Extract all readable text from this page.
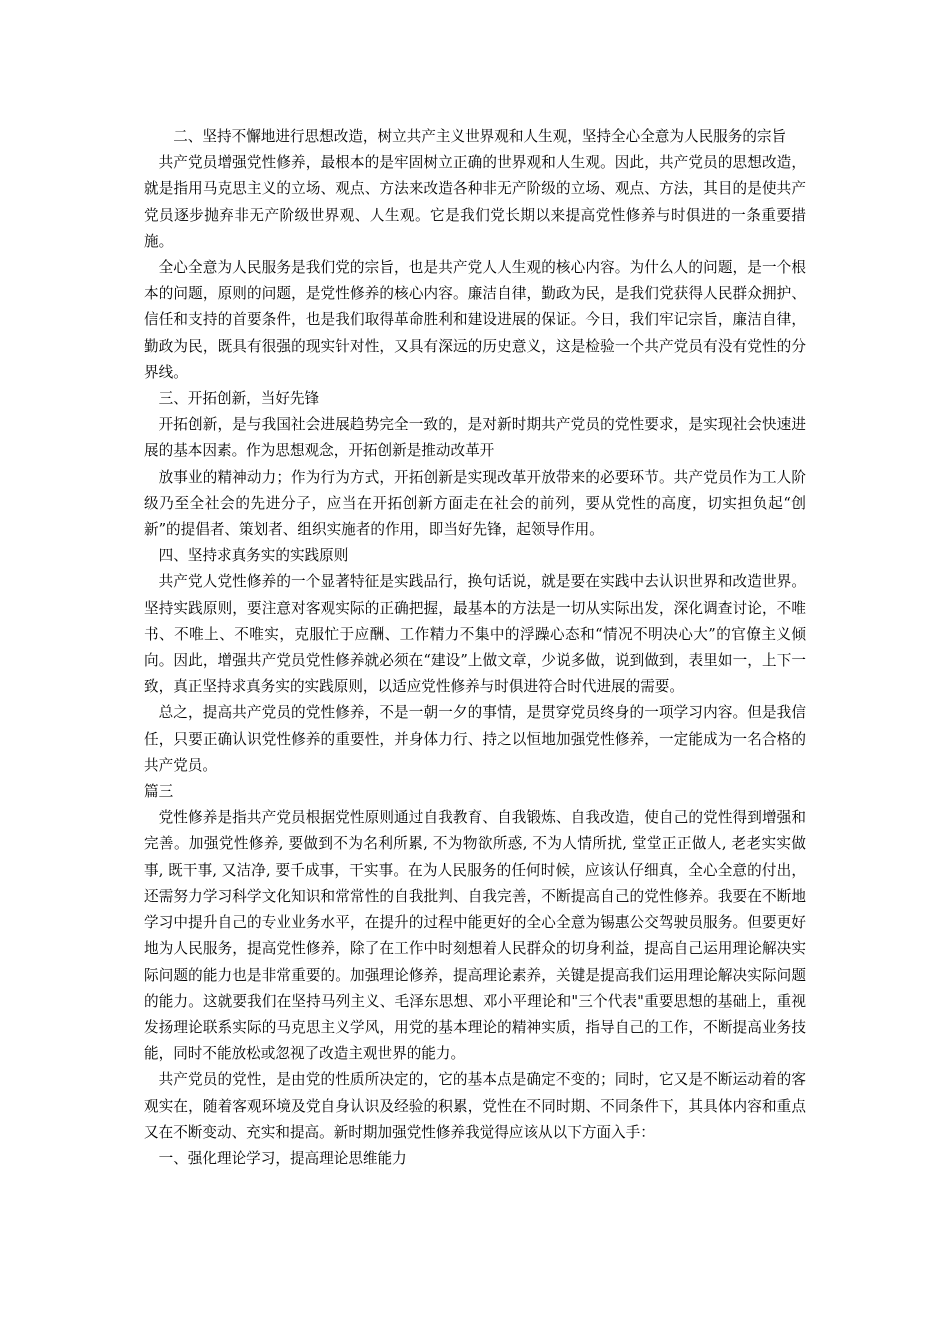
二、坚持不懈地进行思想改造，树立共产主义世界观和人生观，坚持全心全意为人民服务的宗旨

共产党员增强党性修养，最根本的是牢固树立正确的世界观和人生观。因此，共产党员的思想改造，就是指用马克思主义的立场、观点、方法来改造各种非无产阶级的立场、观点、方法，其目的是使共产党员逐步抛弃非无产阶级世界观、人生观。它是我们党长期以来提高党性修养与时俱进的一条重要措施。

全心全意为人民服务是我们党的宗旨，也是共产党人人生观的核心内容。为什么人的问题，是一个根本的问题，原则的问题，是党性修养的核心内容。廉洁自律，勤政为民，是我们党获得人民群众拥护、信任和支持的首要条件，也是我们取得革命胜利和建设进展的保证。今日，我们牢记宗旨，廉洁自律，勤政为民，既具有很强的现实针对性，又具有深远的历史意义，这是检验一个共产党员有没有党性的分界线。

三、开拓创新，当好先锋

开拓创新，是与我国社会进展趋势完全一致的，是对新时期共产党员的党性要求，是实现社会快速进展的基本因素。作为思想观念，开拓创新是推动改革开

放事业的精神动力；作为行为方式，开拓创新是实现改革开放带来的必要环节。共产党员作为工人阶级乃至全社会的先进分子，应当在开拓创新方面走在社会的前列，要从党性的高度，切实担负起“创新”的提倡者、策划者、组织实施者的作用，即当好先锋，起领导作用。

四、坚持求真务实的实践原则

共产党人党性修养的一个显著特征是实践品行，换句话说，就是要在实践中去认识世界和改造世界。坚持实践原则，要注意对客观实际的正确把握，最基本的方法是一切从实际出发，深化调查讨论，不唯书、不唯上、不唯实，克服忙于应酬、工作精力不集中的浮躁心态和“情况不明决心大”的官僚主义倾向。因此，增强共产党员党性修养就必须在“建设”上做文章，少说多做，说到做到，表里如一，上下一致，真正坚持求真务实的实践原则，以适应党性修养与时俱进符合时代进展的需要。

总之，提高共产党员的党性修养，不是一朝一夕的事情，是贯穿党员终身的一项学习内容。但是我信任，只要正确认识党性修养的重要性，并身体力行、持之以恒地加强党性修养，一定能成为一名合格的共产党员。

篇三

党性修养是指共产党员根据党性原则通过自我教育、自我锻炼、自我改造，使自己的党性得到增强和完善。加强党性修养, 要做到不为名利所累, 不为物欲所惑, 不为人情所扰, 堂堂正正做人, 老老实实做事, 既干事, 又洁净, 要千成事，干实事。在为人民服务的任何时候，应该认仔细真，全心全意的付出，还需努力学习科学文化知识和常常性的自我批判、自我完善，不断提高自己的党性修养。我要在不断地学习中提升自己的专业业务水平，在提升的过程中能更好的全心全意为锡惠公交驾驶员服务。但要更好地为人民服务，提高党性修养，除了在工作中时刻想着人民群众的切身利益，提高自己运用理论解决实际问题的能力也是非常重要的。加强理论修养，提高理论素养，关键是提高我们运用理论解决实际问题的能力。这就要我们在坚持马列主义、毛泽东思想、邓小平理论和"三个代表"重要思想的基础上，重视发扬理论联系实际的马克思主义学风，用党的基本理论的精神实质，指导自己的工作，不断提高业务技能，同时不能放松或忽视了改造主观世界的能力。

共产党员的党性，是由党的性质所决定的，它的基本点是确定不变的；同时，它又是不断运动着的客观实在，随着客观环境及党自身认识及经验的积累，党性在不同时期、不同条件下，其具体内容和重点又在不断变动、充实和提高。新时期加强党性修养我觉得应该从以下方面入手：

一、强化理论学习，提高理论思维能力
